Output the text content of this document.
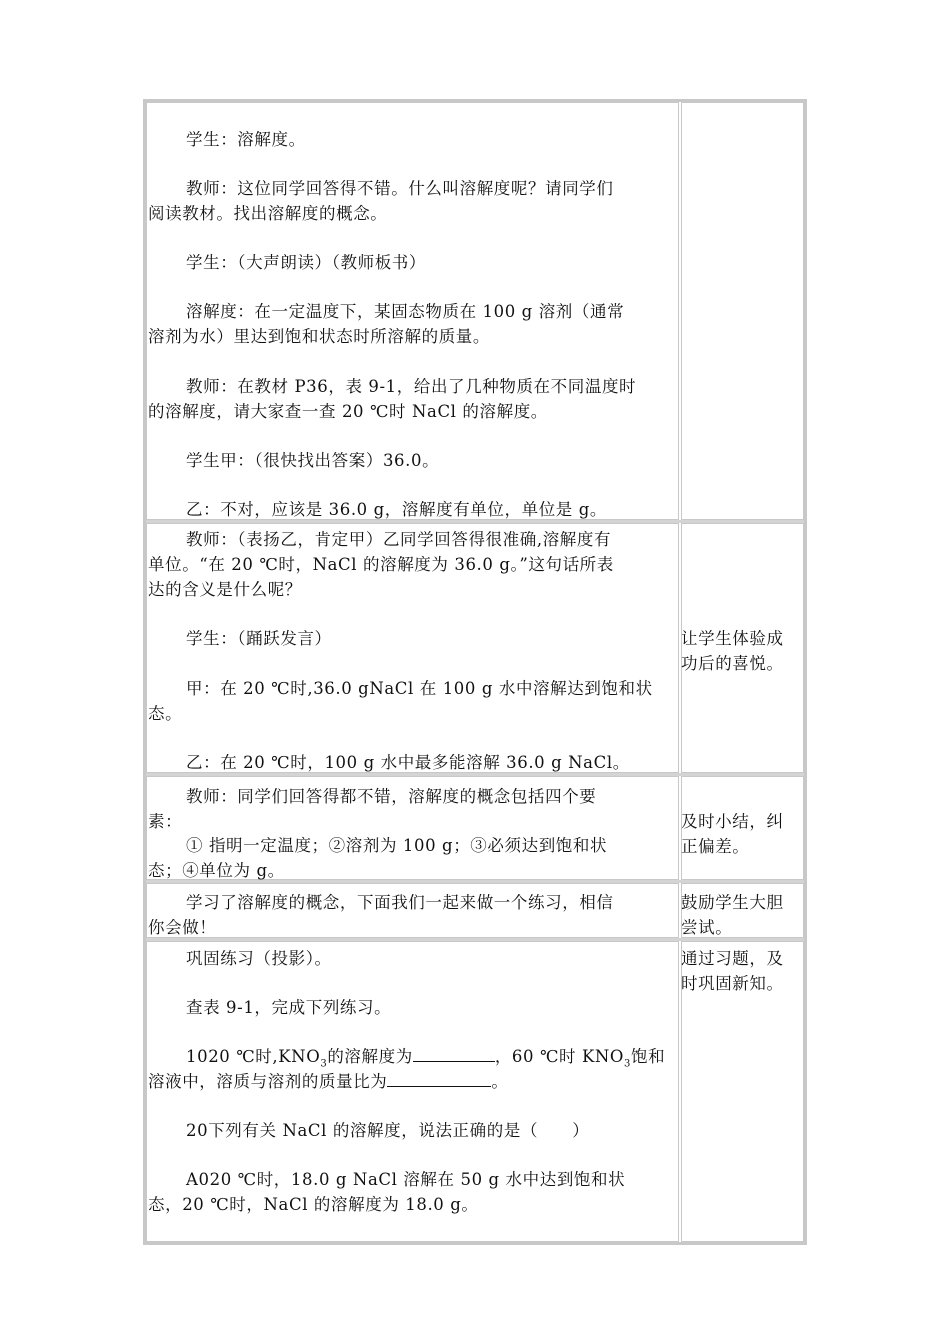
学生：溶解度。
教师：这位同学回答得不错。什么叫溶解度呢？请同学们
阅读教材。找出溶解度的概念。
学生：（大声朗读）（教师板书）
溶解度：在一定温度下，某固态物质在 100 g 溶剂（通常
溶剂为水）里达到饱和状态时所溶解的质量。
教师：在教材 P36，表 9-1，给出了几种物质在不同温度时
的溶解度，请大家查一查 20 ℃时 NaCl 的溶解度。
学生甲：（很快找出答案）36.0。
乙：不对，应该是 36.0 g，溶解度有单位，单位是 g。
教师：（表扬乙，肯定甲）乙同学回答得很准确,溶解度有
单位。“在 20 ℃时，NaCl 的溶解度为 36.0 g。”这句话所表
达的含义是什么呢？
学生：（踊跃发言）
甲：在 20 ℃时,36.0 gNaCl 在 100 g 水中溶解达到饱和状
态。
乙：在 20 ℃时，100 g 水中最多能溶解 36.0 g NaCl。
让学生体验成
功后的喜悦。
教师：同学们回答得都不错，溶解度的概念包括四个要
素：
① 指明一定温度；②溶剂为 100 g；③必须达到饱和状
态；④单位为 g。
及时小结，纠
正偏差。
学习了溶解度的概念，下面我们一起来做一个练习，相信
你会做！
鼓励学生大胆
尝试。
巩固练习（投影）。
查表 9-1，完成下列练习。
1020 ℃时$,KNO_3$的溶解度为	，60 ℃时 $KNO_3$饱和
溶液中，溶质与溶剂的质量比为	。
20下列有关 NaCl 的溶解度，说法正确的是（　　）
A020 ℃时，18.0 g NaCl 溶解在 50 g 水中达到饱和状
态，20 ℃时，NaCl 的溶解度为 18.0 g。
通过习题，及
时巩固新知。
